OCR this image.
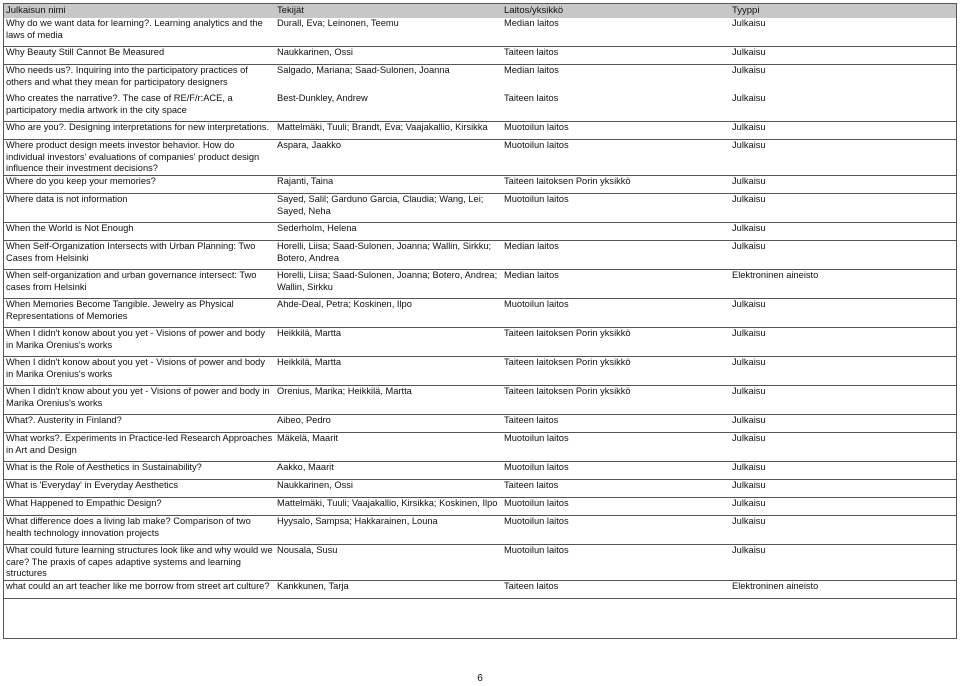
Julkaisun nimi	Tekijät	Laitos/yksikkö	Tyyppi
Why do we want data for learning?. Learning analytics and the laws of media	Durall, Eva; Leinonen, Teemu	Median laitos	Julkaisu
Why Beauty Still Cannot Be Measured	Naukkarinen, Ossi	Taiteen laitos	Julkaisu
Who needs us?. Inquiring into the participatory practices of others and what they mean for participatory designers	Salgado, Mariana; Saad-Sulonen, Joanna	Median laitos	Julkaisu
Who creates the narrative?. The case of RE/F/r:ACE, a participatory media artwork in the city space	Best-Dunkley, Andrew	Taiteen laitos	Julkaisu
Who are you?. Designing interpretations for new interpretations.	Mattelmäki, Tuuli; Brandt, Eva; Vaajakallio, Kirsikka	Muotoilun laitos	Julkaisu
Where product design meets investor behavior. How do individual investors' evaluations of companies' product design influence their investment decisions?	Aspara, Jaakko	Muotoilun laitos	Julkaisu
Where do you keep your memories?	Rajanti, Taina	Taiteen laitoksen Porin yksikkö	Julkaisu
Where data is not information	Sayed, Salil; Garduno Garcia, Claudia; Wang, Lei; Sayed, Neha	Muotoilun laitos	Julkaisu
When the World is Not Enough	Sederholm, Helena		Julkaisu
When Self-Organization Intersects with Urban Planning: Two Cases from Helsinki	Horelli, Liisa; Saad-Sulonen, Joanna; Wallin, Sirkku; Botero, Andrea	Median laitos	Julkaisu
When self-organization and urban governance intersect: Two cases from Helsinki	Horelli, Liisa; Saad-Sulonen, Joanna; Botero, Andrea; Wallin, Sirkku	Median laitos	Elektroninen aineisto
When Memories Become Tangible. Jewelry as Physical Representations of Memories	Ahde-Deal, Petra; Koskinen, Ilpo	Muotoilun laitos	Julkaisu
When I didn't konow about you yet - Visions of power and body in Marika Orenius's works	Heikkilä, Martta	Taiteen laitoksen Porin yksikkö	Julkaisu
When I didn't konow about you yet - Visions of power and body in Marika Orenius's works	Heikkilä, Martta	Taiteen laitoksen Porin yksikkö	Julkaisu
When I didn't know about you yet - Visions of power and body in Marika Orenius's works	Orenius, Marika; Heikkilä, Martta	Taiteen laitoksen Porin yksikkö	Julkaisu
What?. Austerity in Finland?	Aibeo, Pedro	Taiteen laitos	Julkaisu
What works?. Experiments in Practice-led Research Approaches in Art and Design	Mäkelä, Maarit	Muotoilun laitos	Julkaisu
What is the Role of Aesthetics in Sustainability?	Aakko, Maarit	Muotoilun laitos	Julkaisu
What is 'Everyday' in Everyday Aesthetics	Naukkarinen, Ossi	Taiteen laitos	Julkaisu
What Happened to Empathic Design?	Mattelmäki, Tuuli; Vaajakallio, Kirsikka; Koskinen, Ilpo	Muotoilun laitos	Julkaisu
What difference does a living lab make? Comparison of two health technology innovation projects	Hyysalo, Sampsa; Hakkarainen, Louna	Muotoilun laitos	Julkaisu
What could future learning structures look like and why would we care? The praxis of capes adaptive systems and learning structures	Nousala, Susu	Muotoilun laitos	Julkaisu
what could an art teacher like me borrow from street art culture?	Kankkunen, Tarja	Taiteen laitos	Elektroninen aineisto
6
